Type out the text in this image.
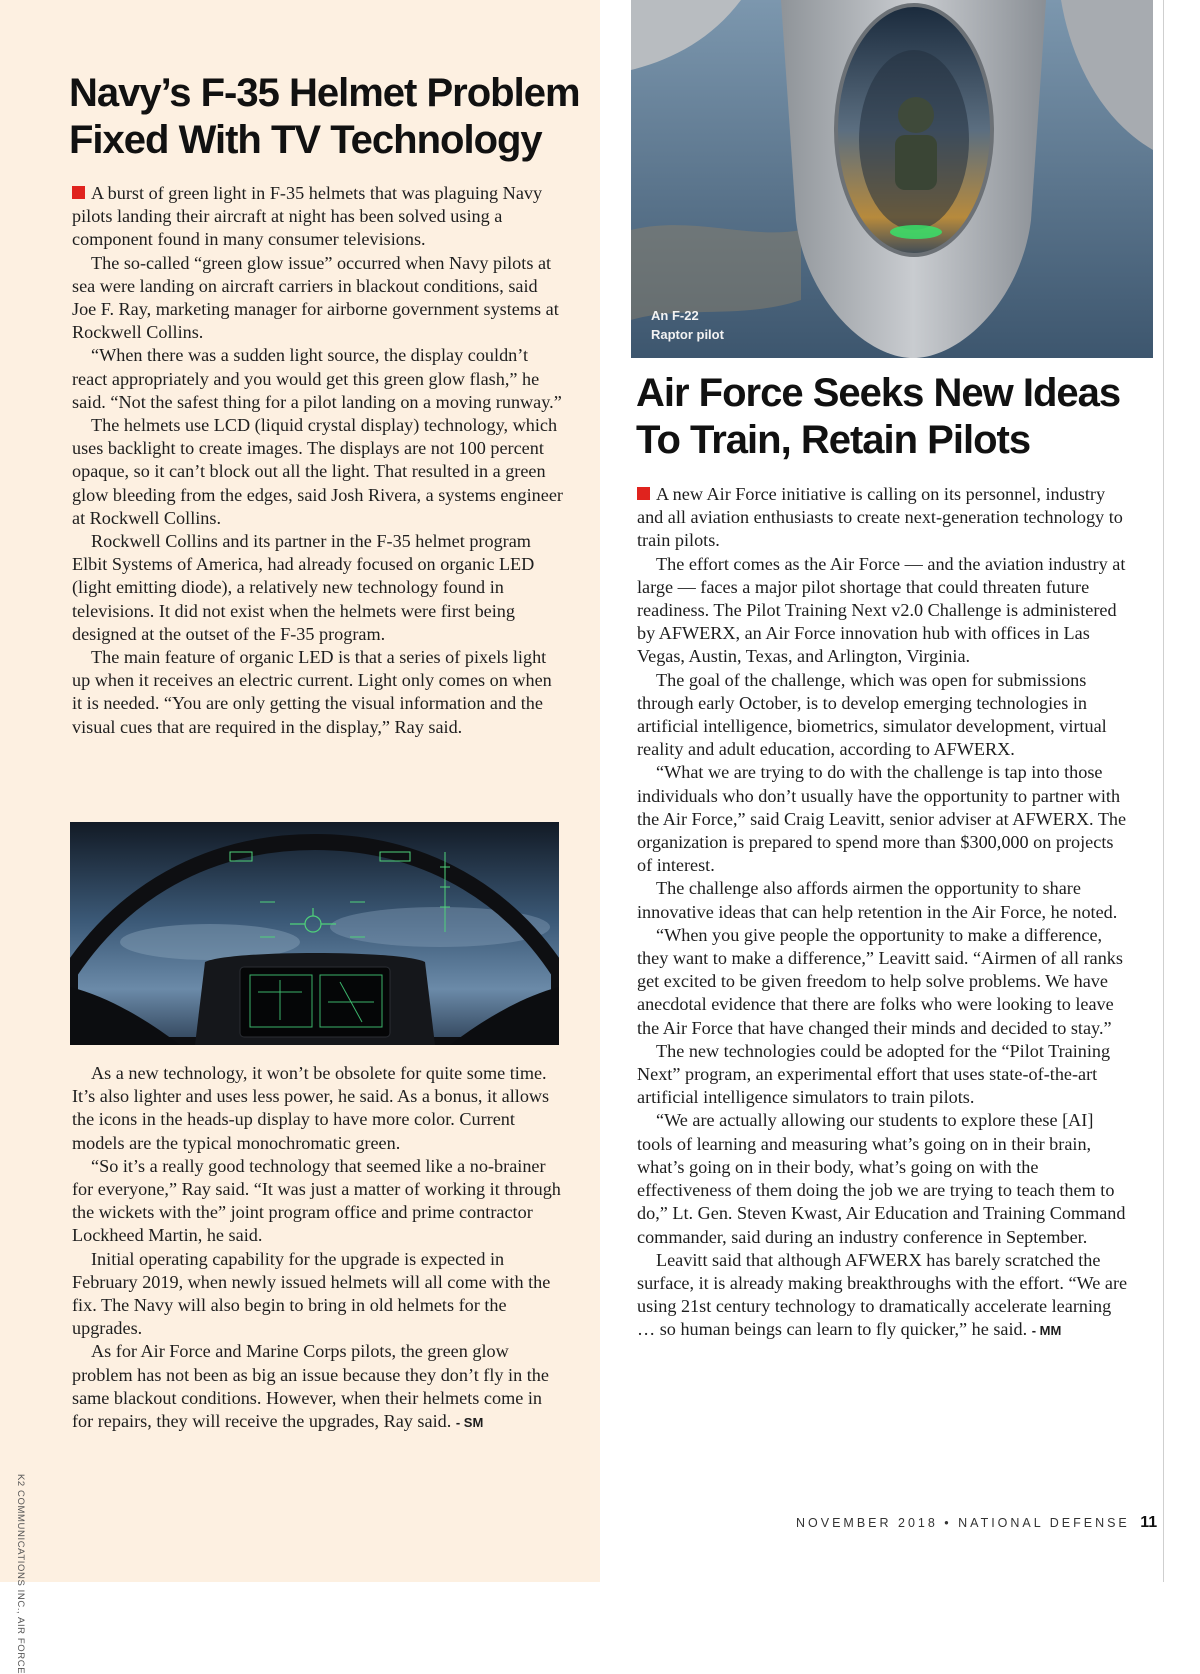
Navy’s F-35 Helmet Problem
Fixed With TV Technology

A burst of green light in F-35 helmets that was plaguing Navy pilots landing their aircraft at night has been solved using a component found in many consumer televisions.

The so-called “green glow issue” occurred when Navy pilots at sea were landing on aircraft carriers in blackout conditions, said Joe F. Ray, marketing manager for airborne government systems at Rockwell Collins.

“When there was a sudden light source, the display couldn’t react appropriately and you would get this green glow flash,” he said. “Not the safest thing for a pilot landing on a moving runway.”

The helmets use LCD (liquid crystal display) technology, which uses backlight to create images. The displays are not 100 percent opaque, so it can’t block out all the light. That resulted in a green glow bleeding from the edges, said Josh Rivera, a systems engineer at Rockwell Collins.

Rockwell Collins and its partner in the F-35 helmet program Elbit Systems of America, had already focused on organic LED (light emitting diode), a relatively new technology found in televisions. It did not exist when the helmets were first being designed at the outset of the F-35 program.

The main feature of organic LED is that a series of pixels light up when it receives an electric current. Light only comes on when it is needed. “You are only getting the visual information and the visual cues that are required in the display,” Ray said.

As a new technology, it won’t be obsolete for quite some time. It’s also lighter and uses less power, he said. As a bonus, it allows the icons in the heads-up display to have more color. Current models are the typical monochromatic green.

“So it’s a really good technology that seemed like a no-brainer for everyone,” Ray said. “It was just a matter of working it through the wickets with the” joint program office and prime contractor Lockheed Martin, he said.

Initial operating capability for the upgrade is expected in February 2019, when newly issued helmets will all come with the fix. The Navy will also begin to bring in old helmets for the upgrades.

As for Air Force and Marine Corps pilots, the green glow problem has not been as big an issue because they don’t fly in the same blackout conditions. However, when their helmets come in for repairs, they will receive the upgrades, Ray said. - SM

K2 COMMUNICATIONS INC., AIR FORCE
An F-22
Raptor pilot
Air Force Seeks New Ideas
To Train, Retain Pilots

A new Air Force initiative is calling on its personnel, industry and all aviation enthusiasts to create next-generation technology to train pilots.

The effort comes as the Air Force — and the aviation industry at large — faces a major pilot shortage that could threaten future readiness. The Pilot Training Next v2.0 Challenge is administered by AFWERX, an Air Force innovation hub with offices in Las Vegas, Austin, Texas, and Arlington, Virginia.

The goal of the challenge, which was open for submissions through early October, is to develop emerging technologies in artificial intelligence, biometrics, simulator development, virtual reality and adult education, according to AFWERX.

“What we are trying to do with the challenge is tap into those individuals who don’t usually have the opportunity to partner with the Air Force,” said Craig Leavitt, senior adviser at AFWERX. The organization is prepared to spend more than $300,000 on projects of interest.

The challenge also affords airmen the opportunity to share innovative ideas that can help retention in the Air Force, he noted.

“When you give people the opportunity to make a difference, they want to make a difference,” Leavitt said. “Airmen of all ranks get excited to be given freedom to help solve problems. We have anecdotal evidence that there are folks who were looking to leave the Air Force that have changed their minds and decided to stay.”

The new technologies could be adopted for the “Pilot Training Next” program, an experimental effort that uses state-of-the-art artificial intelligence simulators to train pilots.

“We are actually allowing our students to explore these [AI] tools of learning and measuring what’s going on in their brain, what’s going on in their body, what’s going on with the effectiveness of them doing the job we are trying to teach them to do,” Lt. Gen. Steven Kwast, Air Education and Training Command commander, said during an industry conference in September.

Leavitt said that although AFWERX has barely scratched the surface, it is already making breakthroughs with the effort. “We are using 21st century technology to dramatically accelerate learning … so human beings can learn to fly quicker,” he said. - MM

NOVEMBER 2018 • NATIONAL DEFENSE 11
